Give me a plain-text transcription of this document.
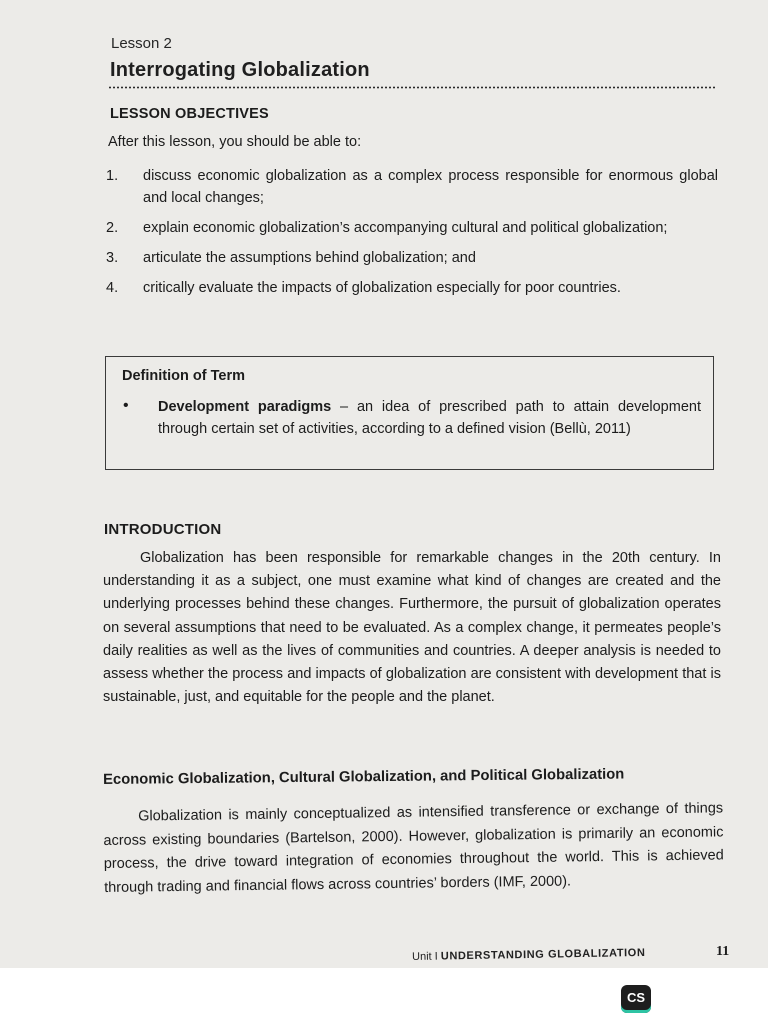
Lesson 2
Interrogating Globalization
LESSON OBJECTIVES
After this lesson, you should be able to:
1. discuss economic globalization as a complex process responsible for enormous global and local changes;
2. explain economic globalization’s accompanying cultural and political globalization;
3. articulate the assumptions behind globalization; and
4. critically evaluate the impacts of globalization especially for poor countries.
Definition of Term
• Development paradigms – an idea of prescribed path to attain development through certain set of activities, according to a defined vision (Bellù, 2011)
INTRODUCTION

Globalization has been responsible for remarkable changes in the 20th century. In understanding it as a subject, one must examine what kind of changes are created and the underlying processes behind these changes. Furthermore, the pursuit of globalization operates on several assumptions that need to be evaluated. As a complex change, it permeates people’s daily realities as well as the lives of communities and countries. A deeper analysis is needed to assess whether the process and impacts of globalization are consistent with development that is sustainable, just, and equitable for the people and the planet.

Economic Globalization, Cultural Globalization, and Political Globalization

Globalization is mainly conceptualized as intensified transference or exchange of things across existing boundaries (Bartelson, 2000). However, globalization is primarily an economic process, the drive toward integration of economies throughout the world. This is achieved through trading and financial flows across countries’ borders (IMF, 2000).

Unit I UNDERSTANDING GLOBALIZATION	11
CS
